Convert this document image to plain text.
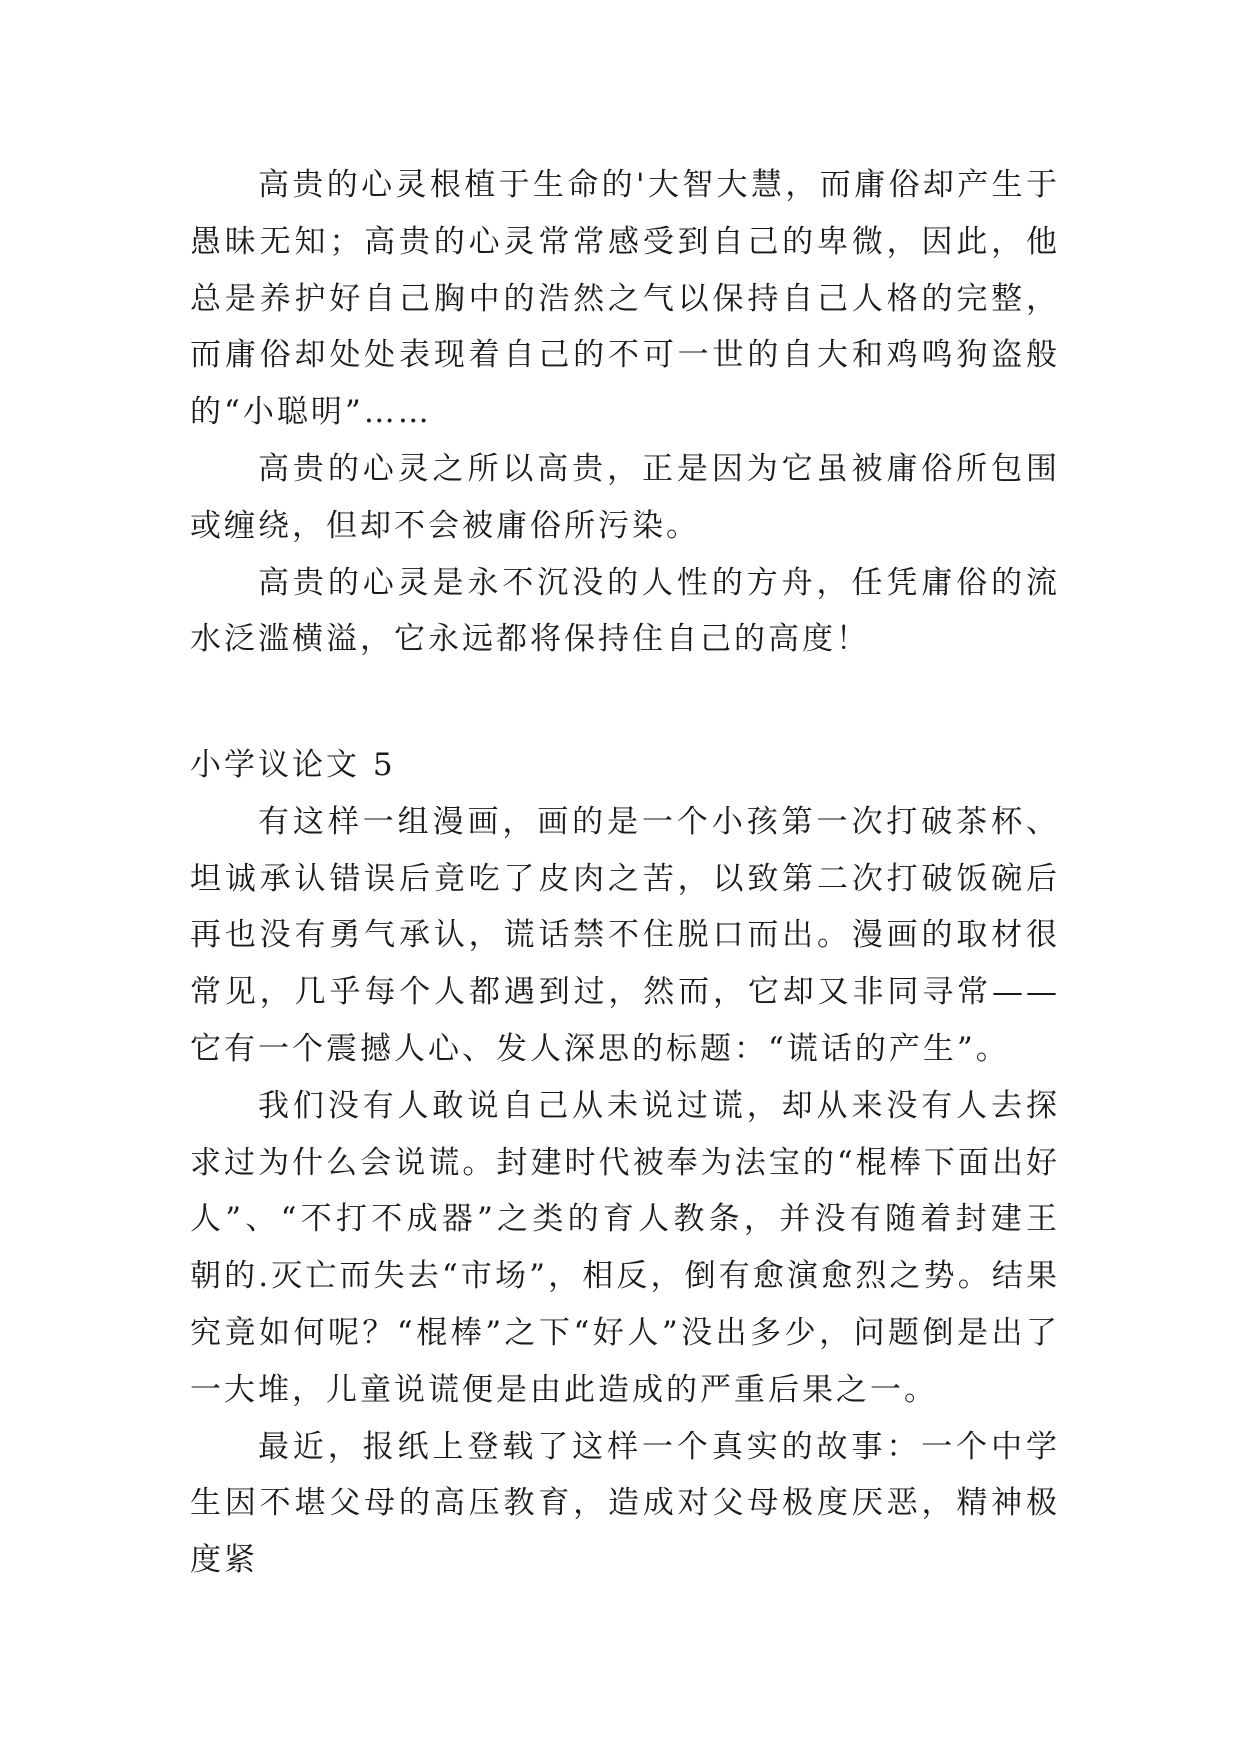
高贵的心灵根植于生命的'大智大慧，而庸俗却产生于愚昧无知；高贵的心灵常常感受到自己的卑微，因此，他总是养护好自己胸中的浩然之气以保持自己人格的完整，而庸俗却处处表现着自己的不可一世的自大和鸡鸣狗盗般的“小聪明”……

高贵的心灵之所以高贵，正是因为它虽被庸俗所包围或缠绕，但却不会被庸俗所污染。

高贵的心灵是永不沉没的人性的方舟，任凭庸俗的流水泛滥横溢，它永远都将保持住自己的高度！

小学议论文 5

有这样一组漫画，画的是一个小孩第一次打破茶杯、坦诚承认错误后竟吃了皮肉之苦，以致第二次打破饭碗后再也没有勇气承认，谎话禁不住脱口而出。漫画的取材很常见，几乎每个人都遇到过，然而，它却又非同寻常——它有一个震撼人心、发人深思的标题：“谎话的产生”。

我们没有人敢说自己从未说过谎，却从来没有人去探求过为什么会说谎。封建时代被奉为法宝的“棍棒下面出好人”、“不打不成器”之类的育人教条，并没有随着封建王朝的.灭亡而失去“市场”，相反，倒有愈演愈烈之势。结果究竟如何呢？“棍棒”之下“好人”没出多少，问题倒是出了一大堆，儿童说谎便是由此造成的严重后果之一。

最近，报纸上登载了这样一个真实的故事：一个中学生因不堪父母的高压教育，造成对父母极度厌恶，精神极度紧
